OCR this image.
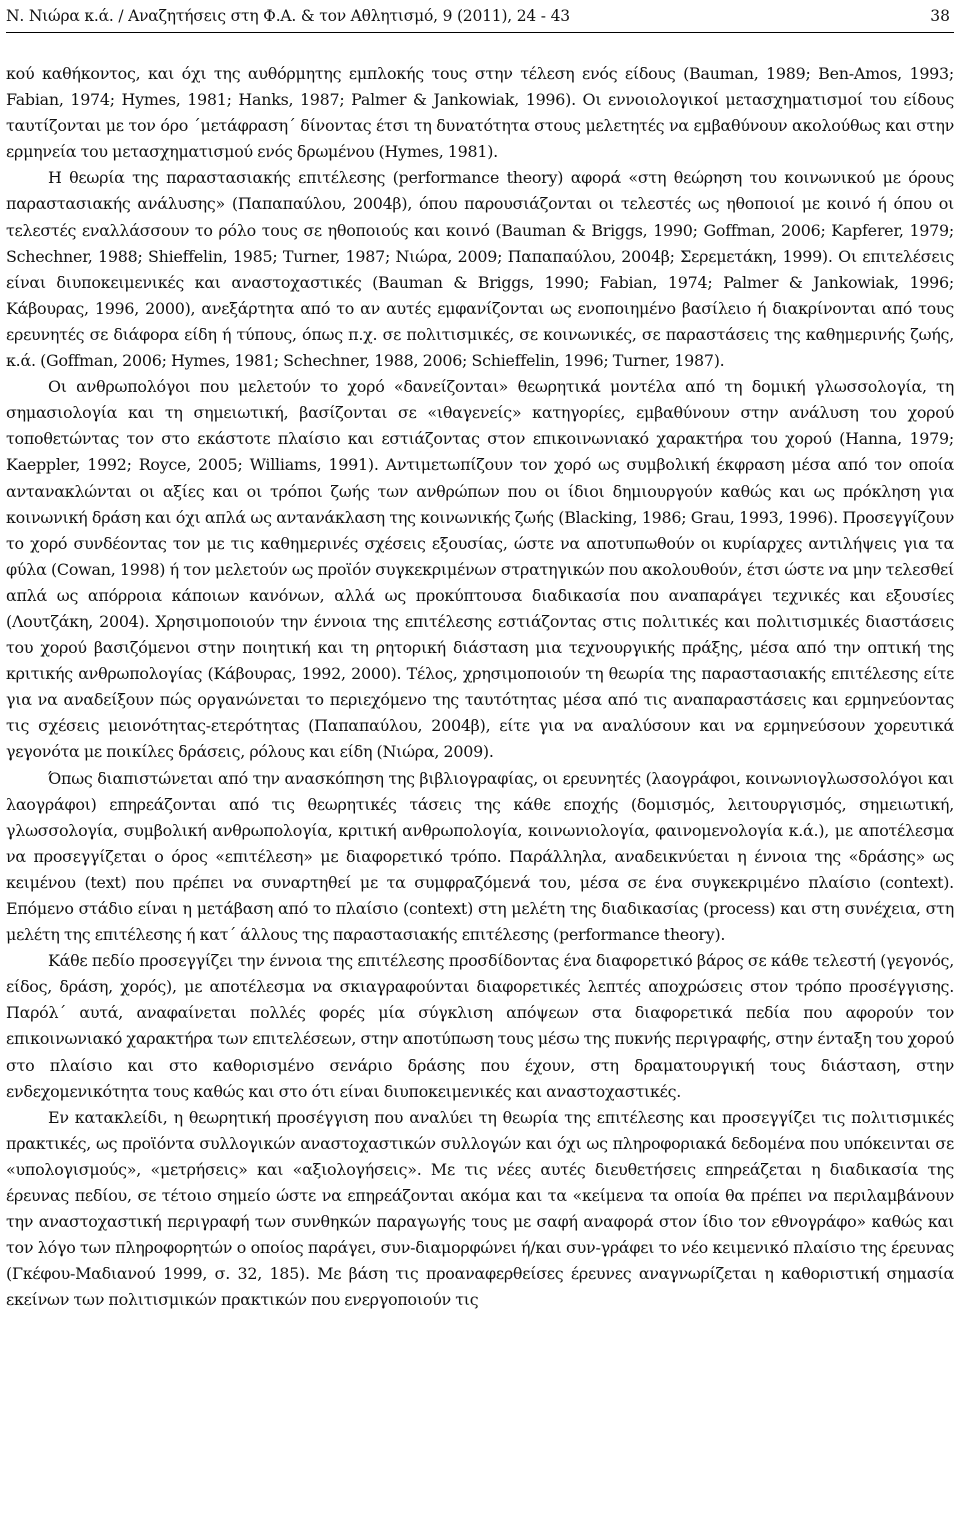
Ν. Νιώρα κ.ά. / Αναζητήσεις στη Φ.Α. & τον Αθλητισμό, 9 (2011), 24 - 43	38

κού καθήκοντος, και όχι της αυθόρμητης εμπλοκής τους στην τέλεση ενός είδους (Bauman, 1989; Ben-Amos, 1993; Fabian, 1974; Hymes, 1981; Hanks, 1987; Palmer & Jankowiak, 1996). Οι εννοιολογικοί μετασχηματισμοί του είδους ταυτίζονται με τον όρο ΄μετάφραση΄ δίνοντας έτσι τη δυνατότητα στους μελετητές να εμβαθύνουν ακολούθως και στην ερμηνεία του μετασχηματισμού ενός δρωμένου (Hymes, 1981).

Η θεωρία της παραστασιακής επιτέλεσης (performance theory) αφορά «στη θεώρηση του κοινωνικού με όρους παραστασιακής ανάλυσης» (Παπαπαύλου, 2004β), όπου παρουσιάζονται οι τελεστές ως ηθοποιοί με κοινό ή όπου οι τελεστές εναλλάσσουν το ρόλο τους σε ηθοποιούς και κοινό (Bauman & Briggs, 1990; Goffman, 2006; Kapferer, 1979; Schechner, 1988; Shieffelin, 1985; Turner, 1987; Νιώρα, 2009; Παπαπαύλου, 2004β; Σερεμετάκη, 1999). Οι επιτελέσεις είναι διυποκειμενικές και αναστοχαστικές (Bauman & Briggs, 1990; Fabian, 1974; Palmer & Jankowiak, 1996; Κάβουρας, 1996, 2000), ανεξάρτητα από το αν αυτές εμφανίζονται ως ενοποιημένο βασίλειο ή διακρίνονται από τους ερευνητές σε διάφορα είδη ή τύπους, όπως π.χ. σε πολιτισμικές, σε κοινωνικές, σε παραστάσεις της καθημερινής ζωής, κ.ά. (Goffman, 2006; Hymes, 1981; Schechner, 1988, 2006; Schieffelin, 1996; Turner, 1987).

Οι ανθρωπολόγοι που μελετούν το χορό «δανείζονται» θεωρητικά μοντέλα από τη δομική γλωσσολογία, τη σημασιολογία και τη σημειωτική, βασίζονται σε «ιθαγενείς» κατηγορίες, εμβαθύνουν στην ανάλυση του χορού τοποθετώντας τον στο εκάστοτε πλαίσιο και εστιάζοντας στον επικοινωνιακό χαρακτήρα του χορού (Hanna, 1979; Kaeppler, 1992; Royce, 2005; Williams, 1991). Αντιμετωπίζουν τον χορό ως συμβολική έκφραση μέσα από τον οποία αντανακλώνται οι αξίες και οι τρόποι ζωής των ανθρώπων που οι ίδιοι δημιουργούν καθώς και ως πρόκληση για κοινωνική δράση και όχι απλά ως αντανάκλαση της κοινωνικής ζωής (Blacking, 1986; Grau, 1993, 1996). Προσεγγίζουν το χορό συνδέοντας τον με τις καθημερινές σχέσεις εξουσίας, ώστε να αποτυπωθούν οι κυρίαρχες αντιλήψεις για τα φύλα (Cowan, 1998) ή τον μελετούν ως προϊόν συγκεκριμένων στρατηγικών που ακολουθούν, έτσι ώστε να μην τελεσθεί απλά ως απόρροια κάποιων κανόνων, αλλά ως προκύπτουσα διαδικασία που αναπαράγει τεχνικές και εξουσίες (Λουτζάκη, 2004). Χρησιμοποιούν την έννοια της επιτέλεσης εστιάζοντας στις πολιτικές και πολιτισμικές διαστάσεις του χορού βασιζόμενοι στην ποιητική και τη ρητορική διάσταση μια τεχνουργικής πράξης, μέσα από την οπτική της κριτικής ανθρωπολογίας (Κάβουρας, 1992, 2000). Τέλος, χρησιμοποιούν τη θεωρία της παραστασιακής επιτέλεσης είτε για να αναδείξουν πώς οργανώνεται το περιεχόμενο της ταυτότητας μέσα από τις αναπαραστάσεις και ερμηνεύοντας τις σχέσεις μειονότητας-ετερότητας (Παπαπαύλου, 2004β), είτε για να αναλύσουν και να ερμηνεύσουν χορευτικά γεγονότα με ποικίλες δράσεις, ρόλους και είδη (Νιώρα, 2009).

Όπως διαπιστώνεται από την ανασκόπηση της βιβλιογραφίας, οι ερευνητές (λαογράφοι, κοινωνιογλωσσολόγοι και λαογράφοι) επηρεάζονται από τις θεωρητικές τάσεις της κάθε εποχής (δομισμός, λειτουργισμός, σημειωτική, γλωσσολογία, συμβολική ανθρωπολογία, κριτική ανθρωπολογία, κοινωνιολογία, φαινομενολογία κ.ά.), με αποτέλεσμα να προσεγγίζεται ο όρος «επιτέλεση» με διαφορετικό τρόπο. Παράλληλα, αναδεικνύεται η έννοια της «δράσης» ως κειμένου (text) που πρέπει να συναρτηθεί με τα συμφραζόμενά του, μέσα σε ένα συγκεκριμένο πλαίσιο (context). Επόμενο στάδιο είναι η μετάβαση από το πλαίσιο (context) στη μελέτη της διαδικασίας (process) και στη συνέχεια, στη μελέτη της επιτέλεσης ή κατ΄ άλλους της παραστασιακής επιτέλεσης (performance theory).

Κάθε πεδίο προσεγγίζει την έννοια της επιτέλεσης προσδίδοντας ένα διαφορετικό βάρος σε κάθε τελεστή (γεγονός, είδος, δράση, χορός), με αποτέλεσμα να σκιαγραφούνται διαφορετικές λεπτές αποχρώσεις στον τρόπο προσέγγισης. Παρόλ΄ αυτά, αναφαίνεται πολλές φορές μία σύγκλιση απόψεων στα διαφορετικά πεδία που αφορούν τον επικοινωνιακό χαρακτήρα των επιτελέσεων, στην αποτύπωση τους μέσω της πυκνής περιγραφής, στην ένταξη του χορού στο πλαίσιο και στο καθορισμένο σενάριο δράσης που έχουν, στη δραματουργική τους διάσταση, στην ενδεχομενικότητα τους καθώς και στο ότι είναι διυποκειμενικές και αναστοχαστικές.

Εν κατακλείδι, η θεωρητική προσέγγιση που αναλύει τη θεωρία της επιτέλεσης και προσεγγίζει τις πολιτισμικές πρακτικές, ως προϊόντα συλλογικών αναστοχαστικών συλλογών και όχι ως πληροφοριακά δεδομένα που υπόκεινται σε «υπολογισμούς», «μετρήσεις» και «αξιολογήσεις». Με τις νέες αυτές διευθετήσεις επηρεάζεται η διαδικασία της έρευνας πεδίου, σε τέτοιο σημείο ώστε να επηρεάζονται ακόμα και τα «κείμενα τα οποία θα πρέπει να περιλαμβάνουν την αναστοχαστική περιγραφή των συνθηκών παραγωγής τους με σαφή αναφορά στον ίδιο τον εθνογράφο» καθώς και τον λόγο των πληροφορητών ο οποίος παράγει, συν-διαμορφώνει ή/και συν-γράφει το νέο κειμενικό πλαίσιο της έρευνας (Γκέφου-Μαδιανού 1999, σ. 32, 185). Με βάση τις προαναφερθείσες έρευνες αναγνωρίζεται η καθοριστική σημασία εκείνων των πολιτισμικών πρακτικών που ενεργοποιούν τις
